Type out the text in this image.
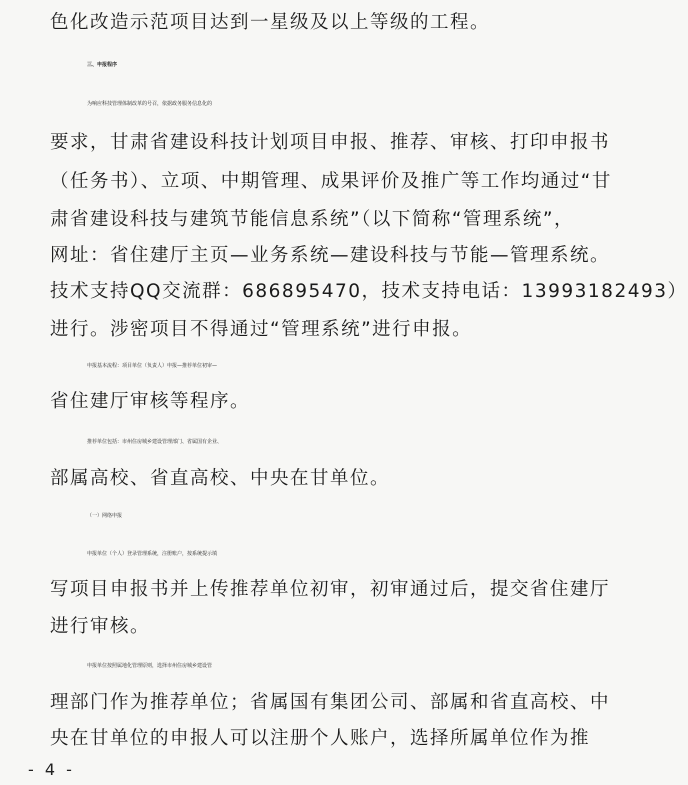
色化改造示范项目达到一星级及以上等级的工程。
三、申报程序
为响应科技管理体制改革的号召，依据政务服务信息化的
要求，甘肃省建设科技计划项目申报、推荐、审核、打印申报书
（任务书）、立项、中期管理、成果评价及推广等工作均通过“甘
肃省建设科技与建筑节能信息系统”（以下简称“管理系统”，
网址：省住建厅主页—业务系统—建设科技与节能—管理系统。
技术支持QQ交流群：686895470，技术支持电话：13993182493）
进行。涉密项目不得通过“管理系统”进行申报。
申报基本流程：项目单位（负责人）申报—推荐单位初审—
省住建厅审核等程序。
推荐单位包括：市州住房城乡建设管理部门、省属国有企业、
部属高校、省直高校、中央在甘单位。
（一）网络申报
申报单位（个人）登录管理系统，注册账户，按系统提示填
写项目申报书并上传推荐单位初审，初审通过后，提交省住建厅
进行审核。
申报单位按照属地化管理原则，选择市州住房城乡建设管
理部门作为推荐单位；省属国有集团公司、部属和省直高校、中
央在甘单位的申报人可以注册个人账户，选择所属单位作为推
- 4 -
